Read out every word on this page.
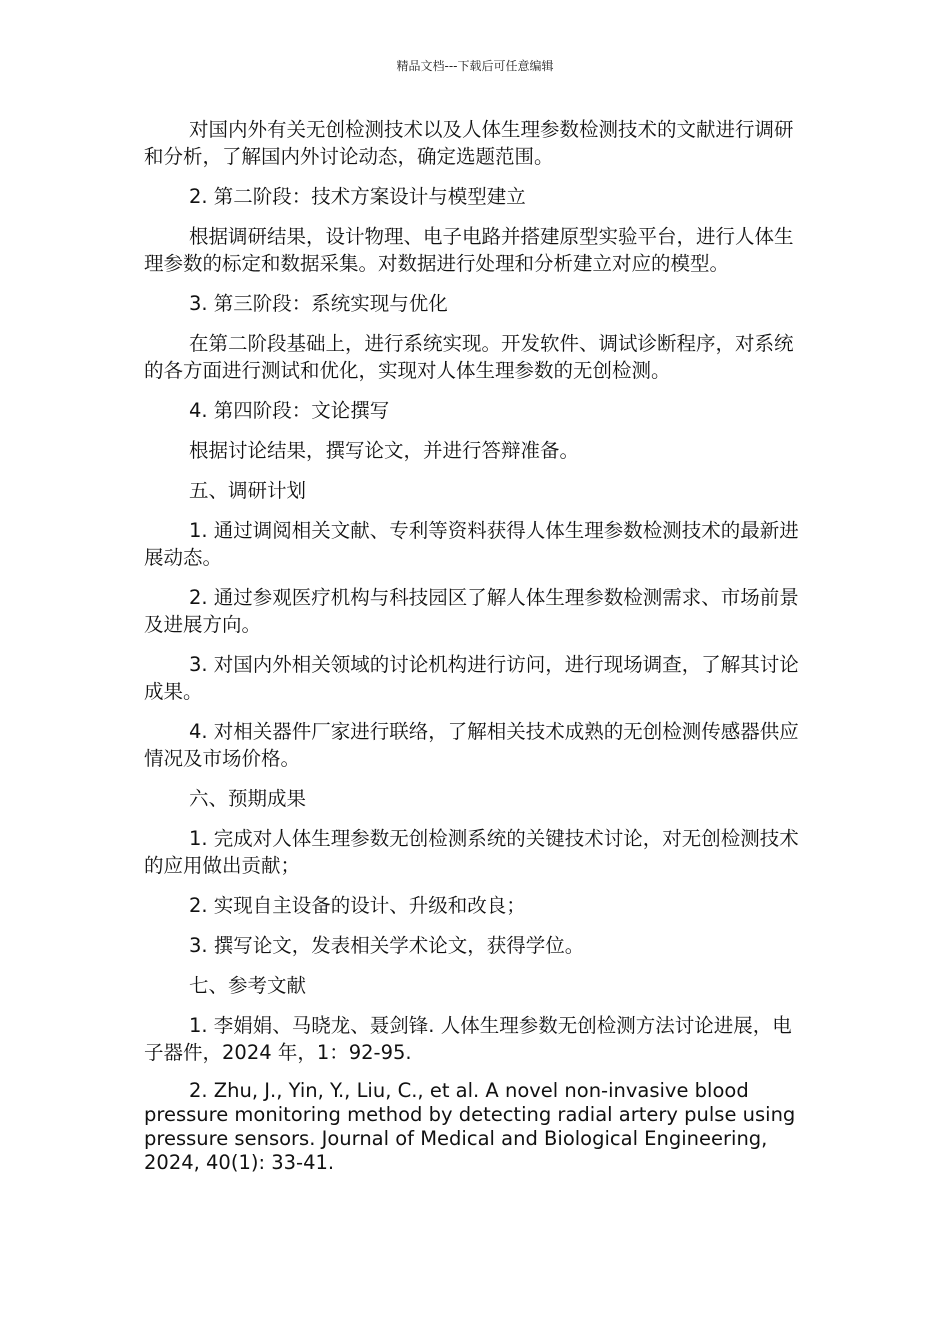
精品文档---下载后可任意编辑

对国内外有关无创检测技术以及人体生理参数检测技术的文献进行调研和分析，了解国内外讨论动态，确定选题范围。

2. 第二阶段：技术方案设计与模型建立

根据调研结果，设计物理、电子电路并搭建原型实验平台，进行人体生理参数的标定和数据采集。对数据进行处理和分析建立对应的模型。

3. 第三阶段：系统实现与优化

在第二阶段基础上，进行系统实现。开发软件、调试诊断程序，对系统的各方面进行测试和优化，实现对人体生理参数的无创检测。

4. 第四阶段：文论撰写

根据讨论结果，撰写论文，并进行答辩准备。

五、调研计划

1. 通过调阅相关文献、专利等资料获得人体生理参数检测技术的最新进展动态。

2. 通过参观医疗机构与科技园区了解人体生理参数检测需求、市场前景及进展方向。

3. 对国内外相关领域的讨论机构进行访问，进行现场调查，了解其讨论成果。

4. 对相关器件厂家进行联络，了解相关技术成熟的无创检测传感器供应情况及市场价格。

六、预期成果

1. 完成对人体生理参数无创检测系统的关键技术讨论，对无创检测技术的应用做出贡献；

2. 实现自主设备的设计、升级和改良；

3. 撰写论文，发表相关学术论文，获得学位。

七、参考文献

1. 李娟娟、马晓龙、聂剑锋. 人体生理参数无创检测方法讨论进展，电子器件，2024 年，1：92-95.

2. Zhu, J., Yin, Y., Liu, C., et al. A novel non-invasive blood pressure monitoring method by detecting radial artery pulse using pressure sensors. Journal of Medical and Biological Engineering, 2024, 40(1): 33-41.
